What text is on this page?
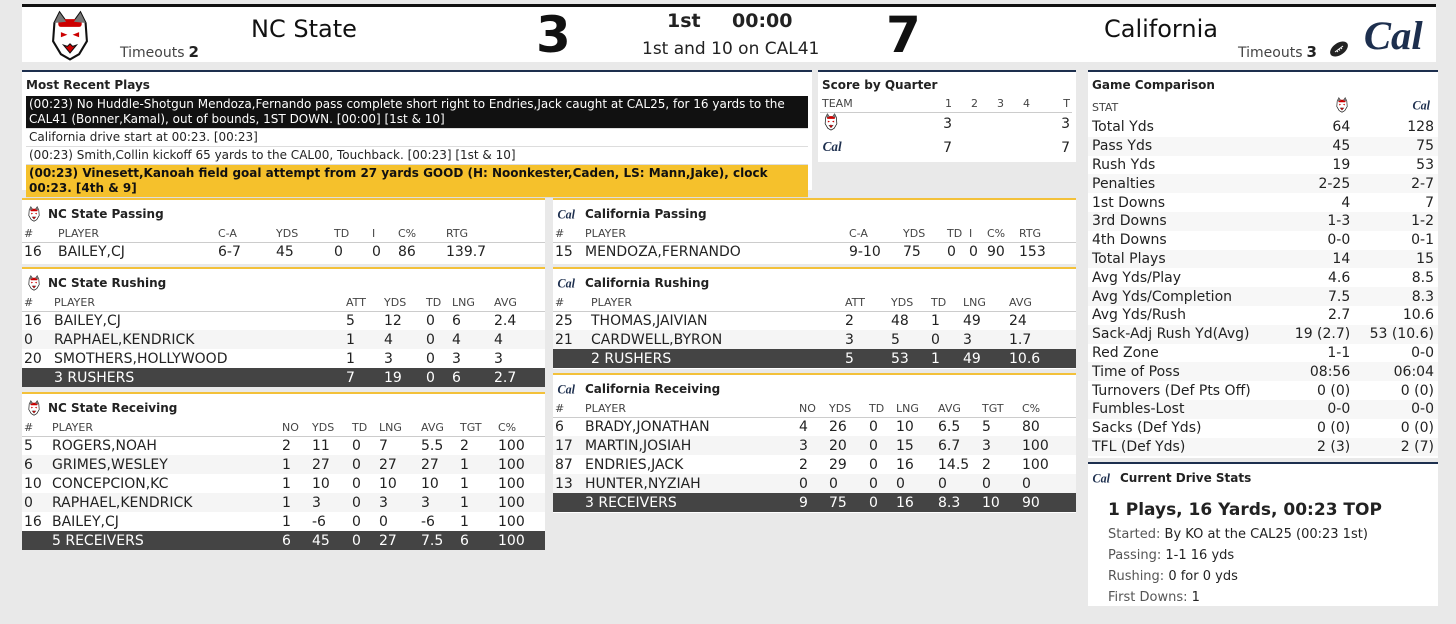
NC State
Timeouts 2	3	1st 00:00
1st and 10 on CAL41 7	California
Timeouts 3
Most Recent Plays
(00:23) No Huddle-Shotgun Mendoza,Fernando pass complete short right to Endries,Jack caught at CAL25, for 16 yards to the CAL41 (Bonner,Kamal), out of bounds, 1ST DOWN. [00:00] [1st & 10]
California drive start at 00:23. [00:23]
(00:23) Smith,Collin kickoff 65 yards to the CAL00, Touchback. [00:23] [1st & 10]
(00:23) Vinesett,Kanoah field goal attempt from 27 yards GOOD (H: Noonkester,Caden, LS: Mann,Jake), clock 00:23. [4th & 9]
Score by Quarter
TEAM	1	2	3	4	T
	3				3
	7				7
NC State Passing
#	PLAYER	C-A	YDS	TD	I	C%	RTG
16	BAILEY,CJ	6-7	45	0	0	86	139.7
California Passing
#	PLAYER	C-A	YDS	TD	I	C%	RTG
15	MENDOZA,FERNANDO	9-10	75	0	0	90	153
NC State Rushing
#	PLAYER	ATT	YDS	TD	LNG	AVG
16	BAILEY,CJ	5	12	0	6	2.4
0	RAPHAEL,KENDRICK	1	4	0	4	4
20	SMOTHERS,HOLLYWOOD	1	3	0	3	3
	3 RUSHERS	7	19	0	6	2.7
California Rushing
#	PLAYER	ATT	YDS	TD	LNG	AVG
25	THOMAS,JAIVIAN	2	48	1	49	24
21	CARDWELL,BYRON	3	5	0	3	1.7
	2 RUSHERS	5	53	1	49	10.6
NC State Receiving
#	PLAYER	NO	YDS	TD	LNG	AVG	TGT	C%
5	ROGERS,NOAH	2	11	0	7	5.5	2	100
6	GRIMES,WESLEY	1	27	0	27	27	1	100
10	CONCEPCION,KC	1	10	0	10	10	1	100
0	RAPHAEL,KENDRICK	1	3	0	3	3	1	100
16	BAILEY,CJ	1	-6	0	0	-6	1	100
	5 RECEIVERS	6	45	0	27	7.5	6	100
California Receiving
#	PLAYER	NO	YDS	TD	LNG	AVG	TGT	C%
6	BRADY,JONATHAN	4	26	0	10	6.5	5	80
17	MARTIN,JOSIAH	3	20	0	15	6.7	3	100
87	ENDRIES,JACK	2	29	0	16	14.5	2	100
13	HUNTER,NYZIAH	0	0	0	0	0	0	0
	3 RECEIVERS	9	75	0	16	8.3	10	90
Game Comparison
STAT		
Total Yds	64	128
Pass Yds	45	75
Rush Yds	19	53
Penalties	2-25	2-7
1st Downs	4	7
3rd Downs	1-3	1-2
4th Downs	0-0	0-1
Total Plays	14	15
Avg Yds/Play	4.6	8.5
Avg Yds/Completion	7.5	8.3
Avg Yds/Rush	2.7	10.6
Sack-Adj Rush Yd(Avg)	19 (2.7)	53 (10.6)
Red Zone	1-1	0-0
Time of Poss	08:56	06:04
Turnovers (Def Pts Off)	0 (0)	0 (0)
Fumbles-Lost	0-0	0-0
Sacks (Def Yds)	0 (0)	0 (0)
TFL (Def Yds)	2 (3)	2 (7)
Current Drive Stats
1 Plays, 16 Yards, 00:23 TOP
Started: By KO at the CAL25 (00:23 1st)
Passing: 1-1 16 yds
Rushing: 0 for 0 yds
First Downs: 1
